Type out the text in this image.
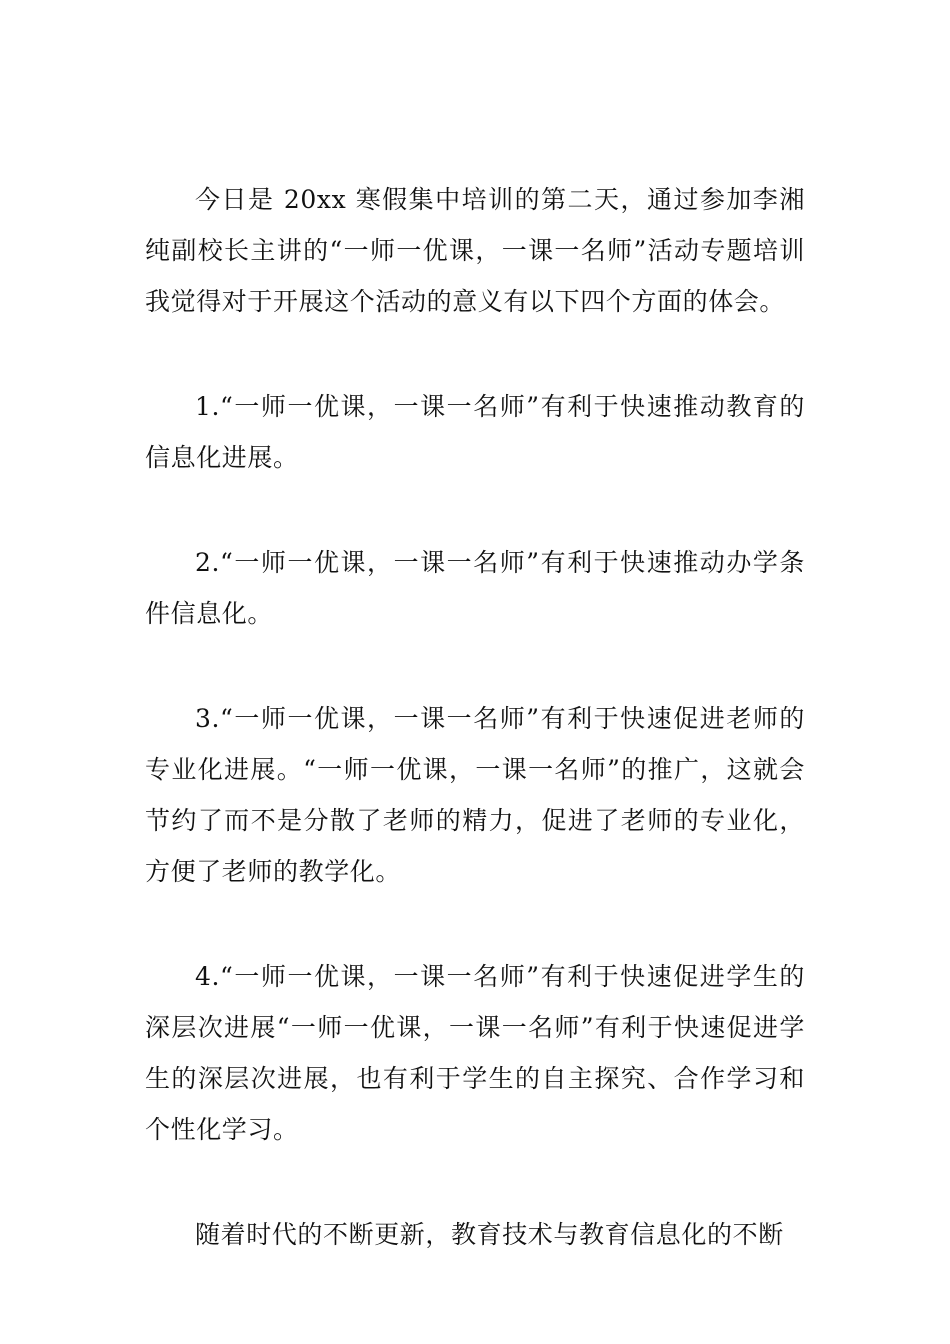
今日是 20xx 寒假集中培训的第二天，通过参加李湘纯副校长主讲的“一师一优课，一课一名师”活动专题培训我觉得对于开展这个活动的意义有以下四个方面的体会。

1.“一师一优课，一课一名师”有利于快速推动教育的信息化进展。

2.“一师一优课，一课一名师”有利于快速推动办学条件信息化。

3.“一师一优课，一课一名师”有利于快速促进老师的专业化进展。“一师一优课，一课一名师”的推广，这就会节约了而不是分散了老师的精力，促进了老师的专业化，方便了老师的教学化。

4.“一师一优课，一课一名师”有利于快速促进学生的深层次进展“一师一优课，一课一名师”有利于快速促进学生的深层次进展，也有利于学生的自主探究、合作学习和个性化学习。

随着时代的不断更新，教育技术与教育信息化的不断
